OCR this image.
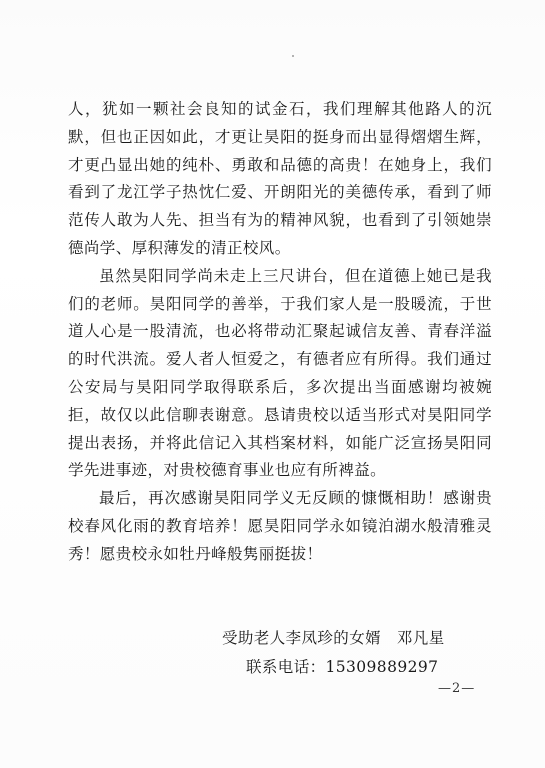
人，犹如一颗社会良知的试金石，我们理解其他路人的沉默，但也正因如此，才更让昊阳的挺身而出显得熠熠生辉，才更凸显出她的纯朴、勇敢和品德的高贵！在她身上，我们看到了龙江学子热忱仁爱、开朗阳光的美德传承，看到了师范传人敢为人先、担当有为的精神风貌，也看到了引领她崇德尚学、厚积薄发的清正校风。

虽然昊阳同学尚未走上三尺讲台，但在道德上她已是我们的老师。昊阳同学的善举，于我们家人是一股暖流，于世道人心是一股清流，也必将带动汇聚起诚信友善、青春洋溢的时代洪流。爱人者人恒爱之，有德者应有所得。我们通过公安局与昊阳同学取得联系后，多次提出当面感谢均被婉拒，故仅以此信聊表谢意。恳请贵校以适当形式对昊阳同学提出表扬，并将此信记入其档案材料，如能广泛宣扬昊阳同学先进事迹，对贵校德育事业也应有所裨益。

最后，再次感谢昊阳同学义无反顾的慷慨相助！感谢贵校春风化雨的教育培养！愿昊阳同学永如镜泊湖水般清雅灵秀！愿贵校永如牡丹峰般隽丽挺拔！

受助老人李凤珍的女婿　邓凡星
联系电话：15309889297
—2—
